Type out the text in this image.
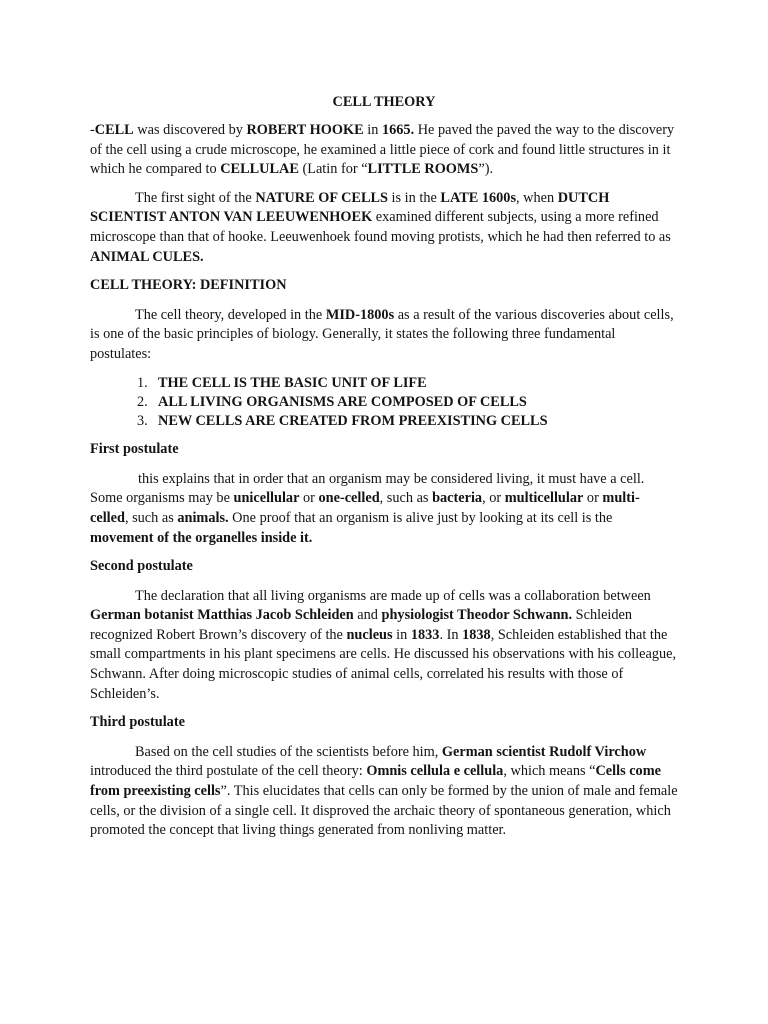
CELL THEORY

-CELL was discovered by ROBERT HOOKE in 1665. He paved the paved the way to the discovery of the cell using a crude microscope, he examined a little piece of cork and found little structures in it which he compared to CELLULAE (Latin for “LITTLE ROOMS”).

The first sight of the NATURE OF CELLS is in the LATE 1600s, when DUTCH SCIENTIST ANTON VAN LEEUWENHOEK examined different subjects, using a more refined microscope than that of hooke. Leeuwenhoek found moving protists, which he had then referred to as ANIMAL CULES.

CELL THEORY: DEFINITION

The cell theory, developed in the MID-1800s as a result of the various discoveries about cells, is one of the basic principles of biology. Generally, it states the following three fundamental postulates:

1. THE CELL IS THE BASIC UNIT OF LIFE
2. ALL LIVING ORGANISMS ARE COMPOSED OF CELLS
3. NEW CELLS ARE CREATED FROM PREEXISTING CELLS

First postulate

this explains that in order that an organism may be considered living, it must have a cell. Some organisms may be unicellular or one-celled, such as bacteria, or multicellular or multi-celled, such as animals. One proof that an organism is alive just by looking at its cell is the movement of the organelles inside it.

Second postulate

The declaration that all living organisms are made up of cells was a collaboration between German botanist Matthias Jacob Schleiden and physiologist Theodor Schwann. Schleiden recognized Robert Brown’s discovery of the nucleus in 1833. In 1838, Schleiden established that the small compartments in his plant specimens are cells. He discussed his observations with his colleague, Schwann. After doing microscopic studies of animal cells, correlated his results with those of Schleiden’s.

Third postulate

Based on the cell studies of the scientists before him, German scientist Rudolf Virchow introduced the third postulate of the cell theory: Omnis cellula e cellula, which means “Cells come from preexisting cells”. This elucidates that cells can only be formed by the union of male and female cells, or the division of a single cell. It disproved the archaic theory of spontaneous generation, which promoted the concept that living things generated from nonliving matter.
